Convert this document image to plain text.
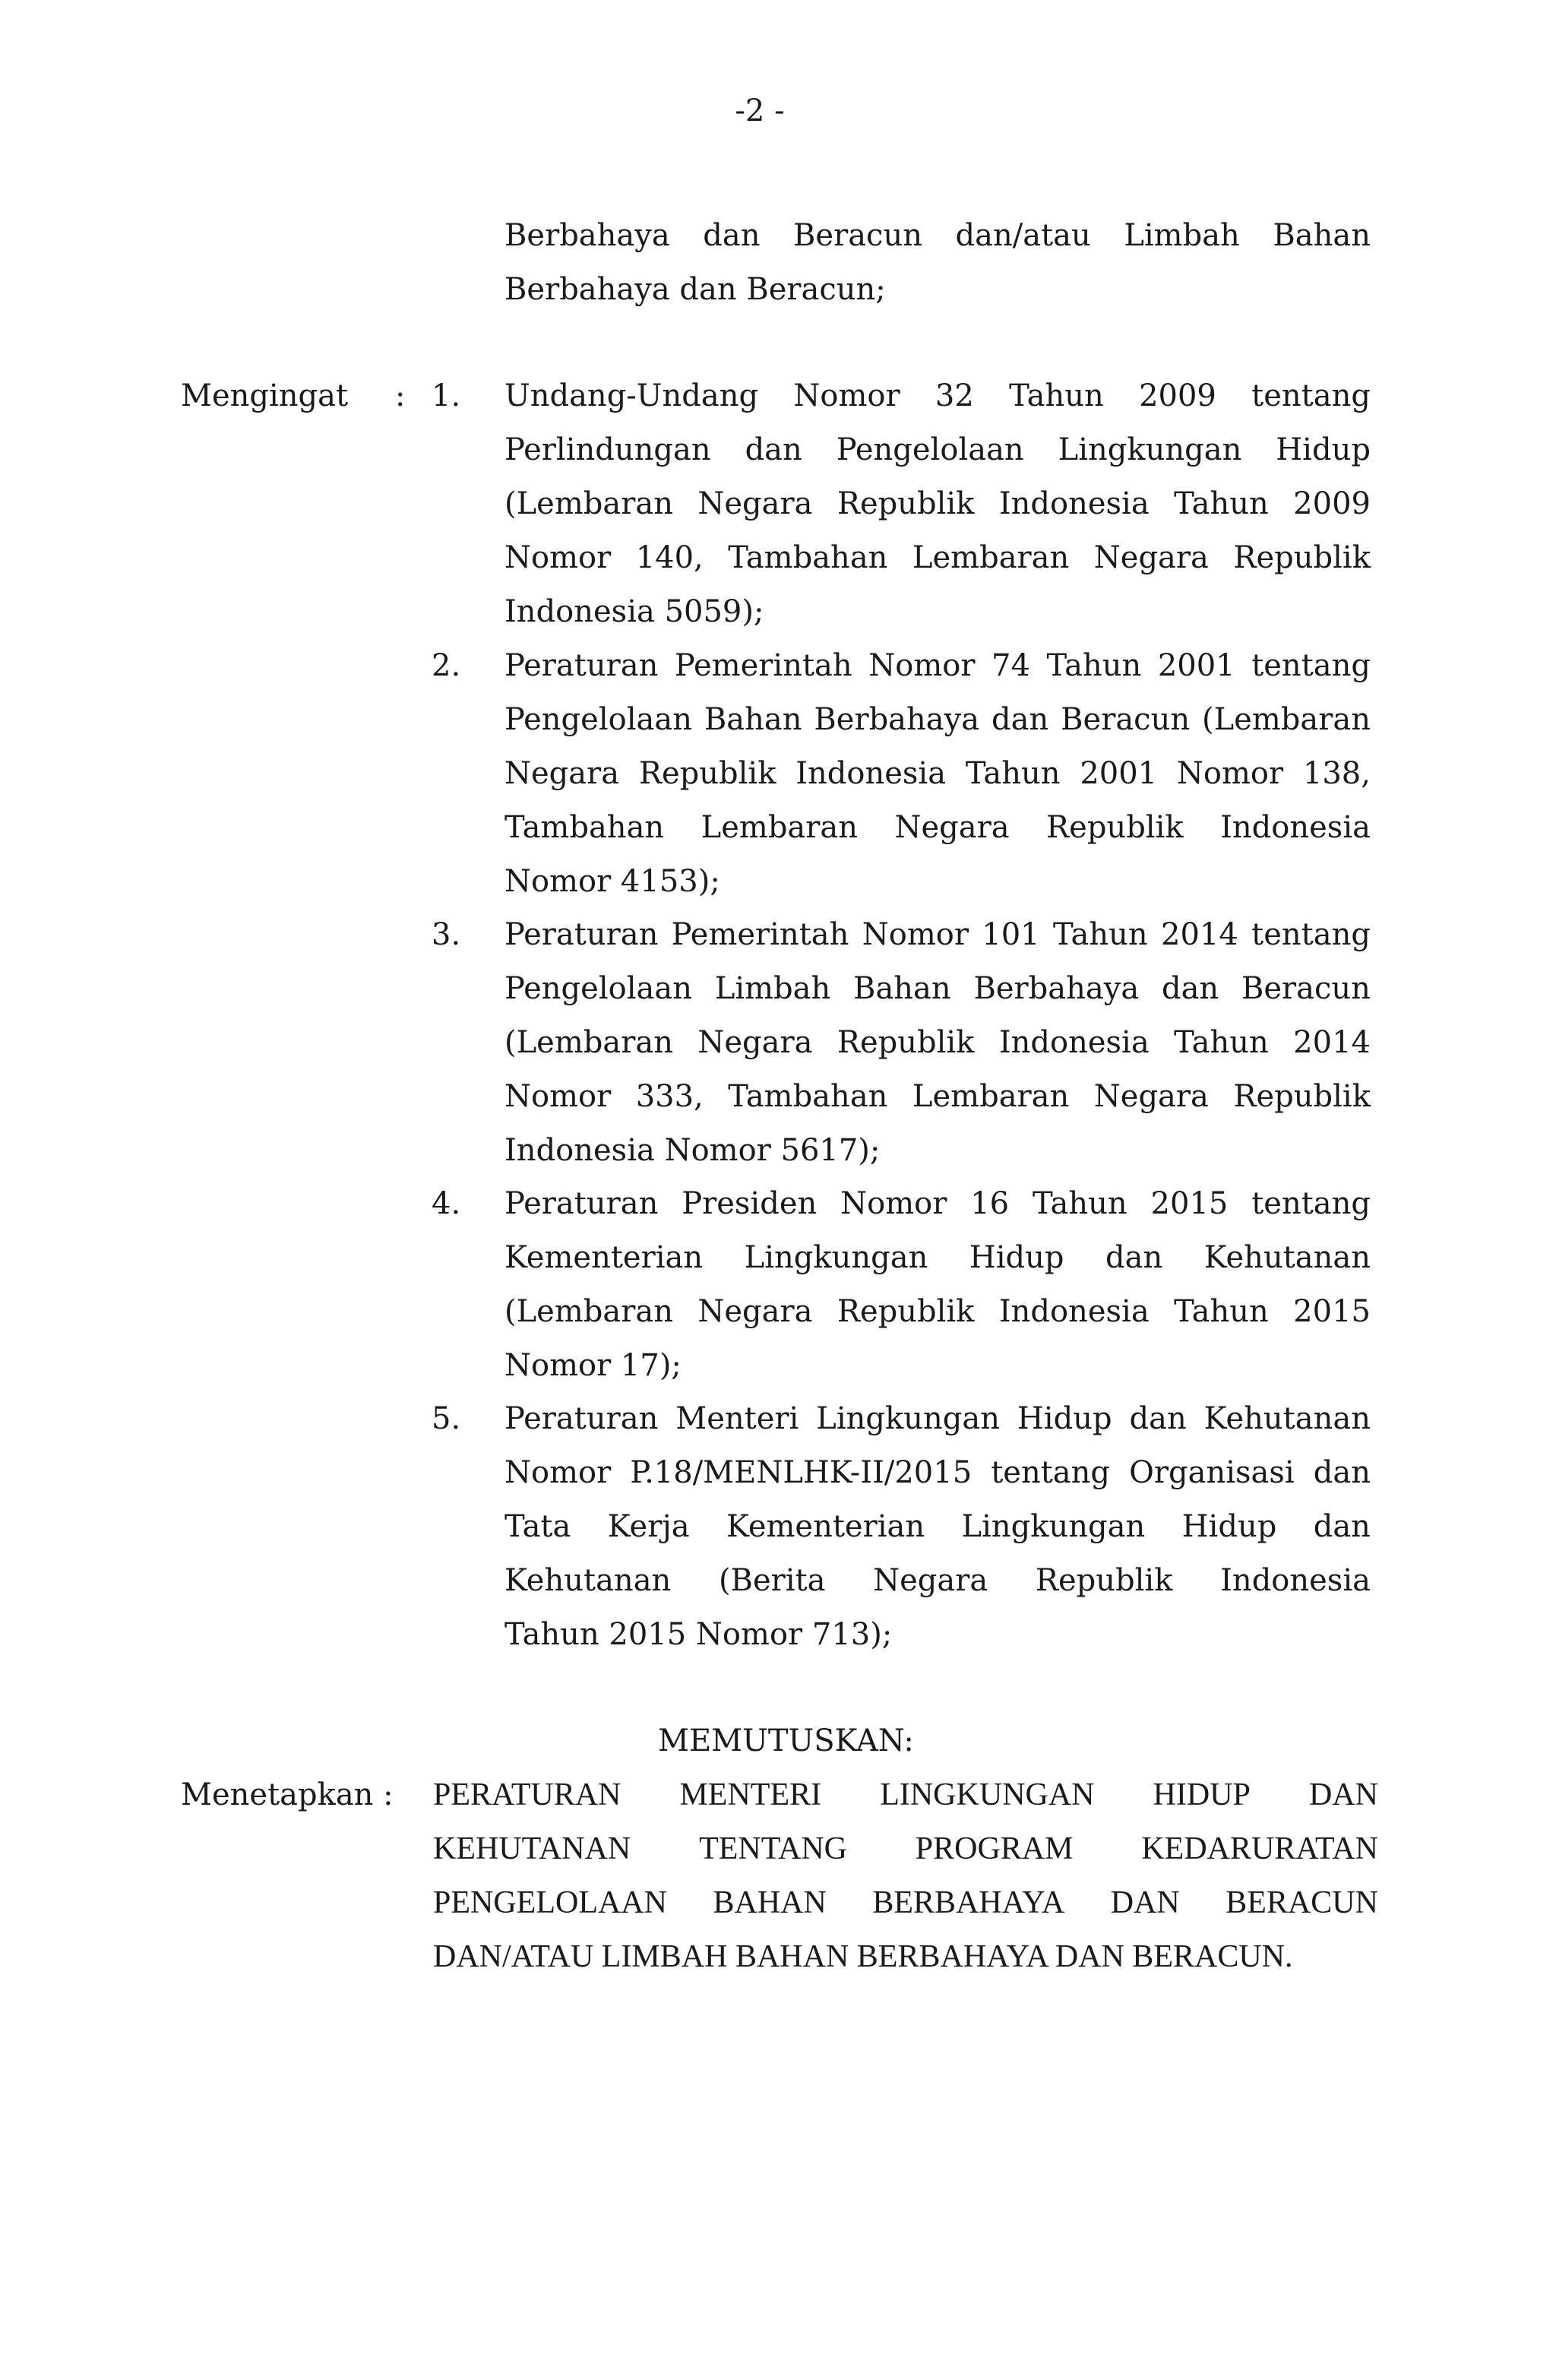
-2 -
Berbahaya dan Beracun dan/atau Limbah Bahan
Berbahaya dan Beracun;
Mengingat : 1. Undang-Undang Nomor 32 Tahun 2009 tentang
Perlindungan dan Pengelolaan Lingkungan Hidup
(Lembaran Negara Republik Indonesia Tahun 2009
Nomor 140, Tambahan Lembaran Negara Republik
Indonesia 5059);
2. Peraturan Pemerintah Nomor 74 Tahun 2001 tentang
Pengelolaan Bahan Berbahaya dan Beracun (Lembaran
Negara Republik Indonesia Tahun 2001 Nomor 138,
Tambahan Lembaran Negara Republik Indonesia
Nomor 4153);
3. Peraturan Pemerintah Nomor 101 Tahun 2014 tentang
Pengelolaan Limbah Bahan Berbahaya dan Beracun
(Lembaran Negara Republik Indonesia Tahun 2014
Nomor 333, Tambahan Lembaran Negara Republik
Indonesia Nomor 5617);
4. Peraturan Presiden Nomor 16 Tahun 2015 tentang
Kementerian Lingkungan Hidup dan Kehutanan
(Lembaran Negara Republik Indonesia Tahun 2015
Nomor 17);
5. Peraturan Menteri Lingkungan Hidup dan Kehutanan
Nomor P.18/MENLHK-II/2015 tentang Organisasi dan
Tata Kerja Kementerian Lingkungan Hidup dan
Kehutanan (Berita Negara Republik Indonesia
Tahun 2015 Nomor 713);
MEMUTUSKAN:
Menetapkan : PERATURAN MENTERI LINGKUNGAN HIDUP DAN
KEHUTANAN TENTANG PROGRAM KEDARURATAN
PENGELOLAAN BAHAN BERBAHAYA DAN BERACUN
DAN/ATAU LIMBAH BAHAN BERBAHAYA DAN BERACUN.
